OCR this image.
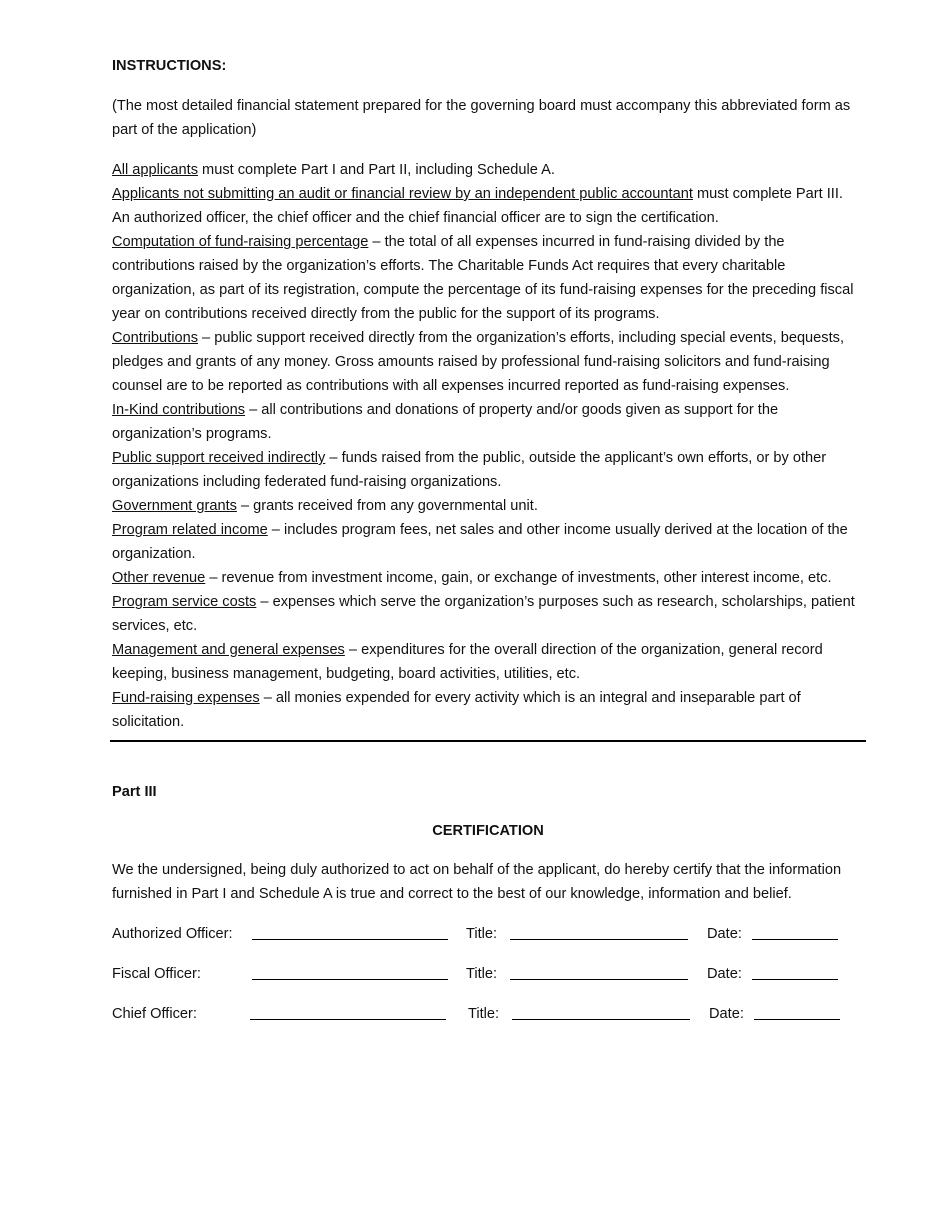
INSTRUCTIONS:

(The most detailed financial statement prepared for the governing board must accompany this abbreviated form as part of the application)

All applicants must complete Part I and Part II, including Schedule A.

Applicants not submitting an audit or financial review by an independent public accountant must complete Part III. An authorized officer, the chief officer and the chief financial officer are to sign the certification.

Computation of fund-raising percentage – the total of all expenses incurred in fund-raising divided by the contributions raised by the organization’s efforts. The Charitable Funds Act requires that every charitable organization, as part of its registration, compute the percentage of its fund-raising expenses for the preceding fiscal year on contributions received directly from the public for the support of its programs.

Contributions – public support received directly from the organization’s efforts, including special events, bequests, pledges and grants of any money. Gross amounts raised by professional fund-raising solicitors and fund-raising counsel are to be reported as contributions with all expenses incurred reported as fund-raising expenses.

In-Kind contributions – all contributions and donations of property and/or goods given as support for the organization’s programs.

Public support received indirectly – funds raised from the public, outside the applicant’s own efforts, or by other organizations including federated fund-raising organizations.

Government grants – grants received from any governmental unit.

Program related income – includes program fees, net sales and other income usually derived at the location of the organization.

Other revenue – revenue from investment income, gain, or exchange of investments, other interest income, etc.

Program service costs – expenses which serve the organization’s purposes such as research, scholarships, patient services, etc.

Management and general expenses – expenditures for the overall direction of the organization, general record keeping, business management, budgeting, board activities, utilities, etc.

Fund-raising expenses – all monies expended for every activity which is an integral and inseparable part of solicitation.

Part III

CERTIFICATION

We the undersigned, being duly authorized to act on behalf of the applicant, do hereby certify that the information furnished in Part I and Schedule A is true and correct to the best of our knowledge, information and belief.

Authorized Officer:	Title:	Date:
Fiscal Officer:	Title:	Date:
Chief Officer:	Title:	Date:
